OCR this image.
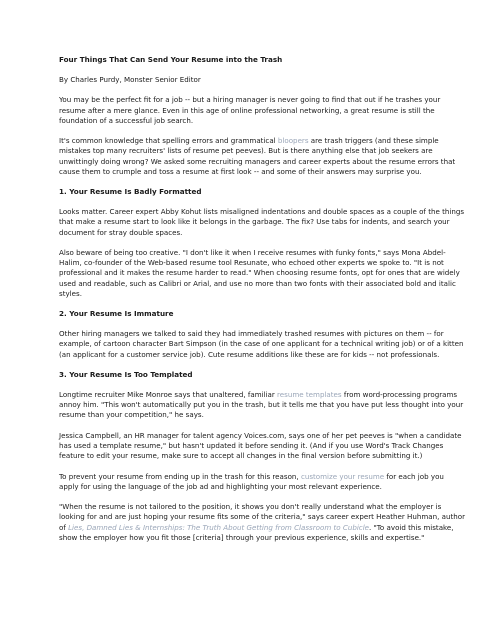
Four Things That Can Send Your Resume into the Trash

By Charles Purdy, Monster Senior Editor

You may be the perfect fit for a job -- but a hiring manager is never going to find that out if he trashes your resume after a mere glance. Even in this age of online professional networking, a great resume is still the foundation of a successful job search.

It's common knowledge that spelling errors and grammatical bloopers are trash triggers (and these simple mistakes top many recruiters' lists of resume pet peeves). But is there anything else that job seekers are unwittingly doing wrong? We asked some recruiting managers and career experts about the resume errors that cause them to crumple and toss a resume at first look -- and some of their answers may surprise you.

1. Your Resume Is Badly Formatted

Looks matter. Career expert Abby Kohut lists misaligned indentations and double spaces as a couple of the things that make a resume start to look like it belongs in the garbage. The fix? Use tabs for indents, and search your document for stray double spaces.

Also beware of being too creative. "I don't like it when I receive resumes with funky fonts," says Mona Abdel-Halim, co-founder of the Web-based resume tool Resunate, who echoed other experts we spoke to. "It is not professional and it makes the resume harder to read." When choosing resume fonts, opt for ones that are widely used and readable, such as Calibri or Arial, and use no more than two fonts with their associated bold and italic styles.

2. Your Resume Is Immature

Other hiring managers we talked to said they had immediately trashed resumes with pictures on them -- for example, of cartoon character Bart Simpson (in the case of one applicant for a technical writing job) or of a kitten (an applicant for a customer service job). Cute resume additions like these are for kids -- not professionals.

3. Your Resume Is Too Templated

Longtime recruiter Mike Monroe says that unaltered, familiar resume templates from word-processing programs annoy him. "This won't automatically put you in the trash, but it tells me that you have put less thought into your resume than your competition," he says.

Jessica Campbell, an HR manager for talent agency Voices.com, says one of her pet peeves is "when a candidate has used a template resume," but hasn't updated it before sending it. (And if you use Word's Track Changes feature to edit your resume, make sure to accept all changes in the final version before submitting it.)

To prevent your resume from ending up in the trash for this reason, customize your resume for each job you apply for using the language of the job ad and highlighting your most relevant experience.

"When the resume is not tailored to the position, it shows you don't really understand what the employer is looking for and are just hoping your resume fits some of the criteria," says career expert Heather Huhman, author of Lies, Damned Lies & Internships: The Truth About Getting from Classroom to Cubicle. "To avoid this mistake, show the employer how you fit those [criteria] through your previous experience, skills and expertise."
